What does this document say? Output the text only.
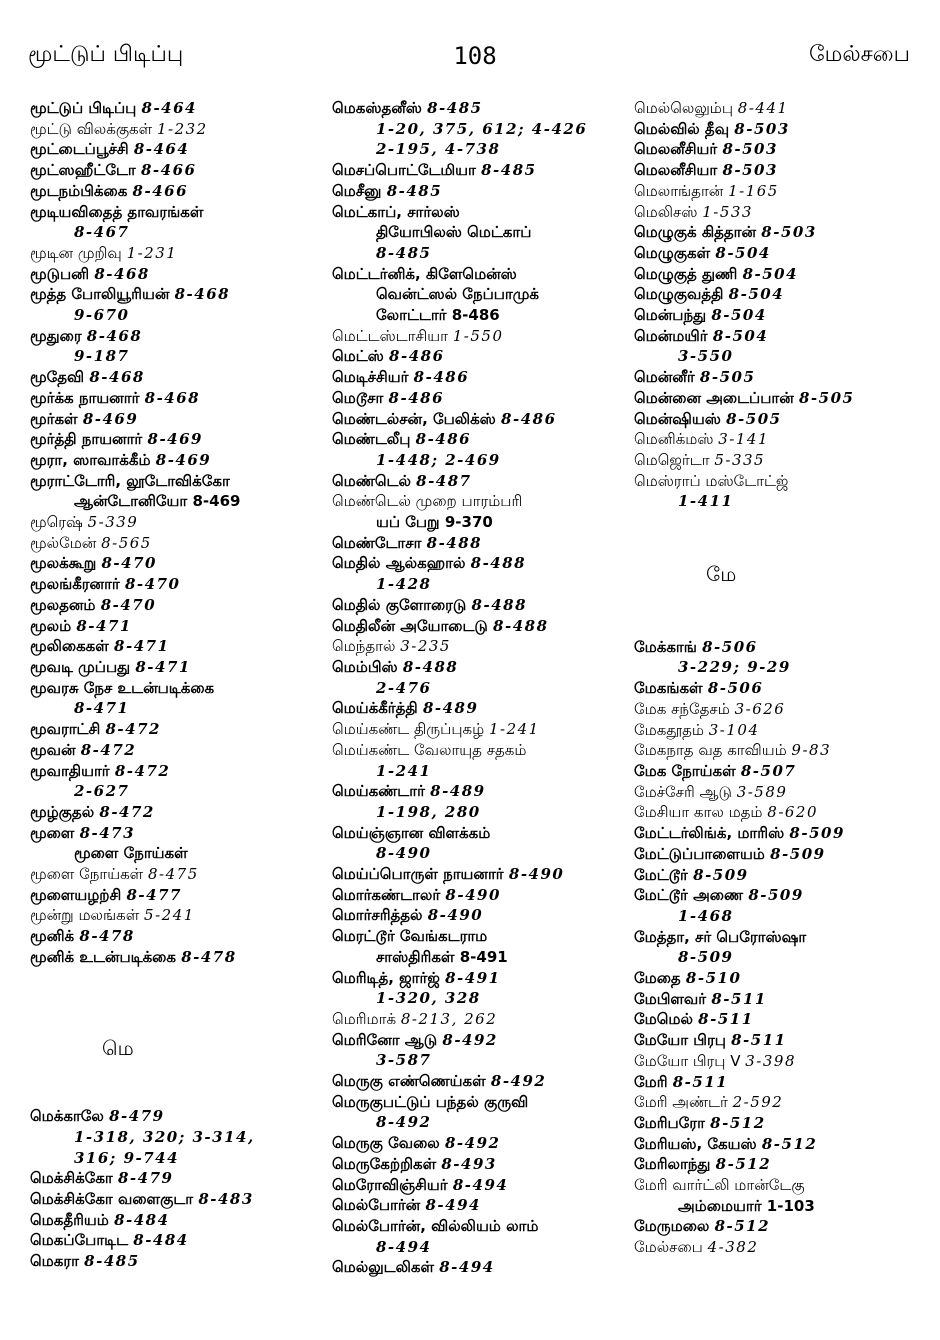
மூட்டுப் பிடிப்பு	108	மேல்சபை
மூட்டுப் பிடிப்பு 8-464
மூட்டு விலக்குகள் 1-232
மூட்டைப்பூச்சி 8-464
மூட்ஸஹீட்டோ 8-466
மூடநம்பிக்கை 8-466
மூடியவிதைத் தாவரங்கள்
8-467
மூடின முறிவு 1-231
மூடுபனி 8-468
மூத்த போலியூரியன் 8-468
9-670
மூதுரை 8-468
9-187
மூதேவி 8-468
மூர்க்க நாயனார் 8-468
மூர்கள் 8-469
மூர்த்தி நாயனார் 8-469
மூரா, ஸாவாக்கீம் 8-469
மூராட்டோரி, லூடோவிக்கோ
ஆன்டோனியோ 8-469
மூரெஷ் 5-339
மூல்மேன் 8-565
மூலக்கூறு 8-470
மூலங்கீரனார் 8-470
மூலதனம் 8-470
மூலம் 8-471
மூலிகைகள் 8-471
மூவடி முப்பது 8-471
மூவரசு நேச உடன்படிக்கை
8-471
மூவராட்சி 8-472
மூவன் 8-472
மூவாதியார் 8-472
2-627
மூழ்குதல் 8-472
மூளை 8-473
மூளை நோய்கள்
மூளை நோய்கள் 8-475
மூளையழற்சி 8-477
மூன்று மலங்கள் 5-241
மூனிக் 8-478
மூனிக் உடன்படிக்கை 8-478
மெ
மெக்காலே 8-479
1-318, 320; 3-314,
316; 9-744
மெக்சிக்கோ 8-479
மெக்சிக்கோ வளைகுடா 8-483
மெகதீரியம் 8-484
மெகப்போடிட 8-484
மெகரா 8-485
மெகஸ்தனீஸ் 8-485
1-20, 375, 612; 4-426
2-195, 4-738
மெசப்பொட்டேமியா 8-485
மெசீனு 8-485
மெட்காப், சார்லஸ்
தியோபிலஸ் மெட்காப்
8-485
மெட்டர்னிக், கிளேமென்ஸ்
வென்ட்ஸல் நேப்பாமுக்
லோட்டார் 8-486
மெட்டஸ்டாசியா 1-550
மெட்ஸ் 8-486
மெடிச்சியர் 8-486
மெடூசா 8-486
மெண்டல்சன், பேலிக்ஸ் 8-486
மெண்டலீபு 8-486
1-448; 2-469
மெண்டெல் 8-487
மெண்டெல் முறை பாரம்பரி
யப் பேறு 9-370
மெண்டோசா 8-488
மெதில் ஆல்கஹால் 8-488
1-428
மெதில் குளோரைடு 8-488
மெதிலீன் அயோடைடு 8-488
மெந்தால் 3-235
மெம்பிஸ் 8-488
2-476
மெய்க்கீர்த்தி 8-489
மெய்கண்ட திருப்புகழ் 1-241
மெய்கண்ட வேலாயுத சதகம்
1-241
மெய்கண்டார் 8-489
1-198, 280
மெய்ஞ்ஞான விளக்கம்
8-490
மெய்ப்பொருள் நாயனார் 8-490
மொர்கண்டாலர் 8-490
மொர்சரித்தல் 8-490
மெரட்டூர் வேங்கடராம
சாஸ்திரிகள் 8-491
மெரிடித், ஜார்ஜ் 8-491
1-320, 328
மெரிமாக் 8-213, 262
மெரினோ ஆடு 8-492
3-587
மெருகு எண்ணெய்கள் 8-492
மெருகுபட்டுப் பந்தல் குருவி
8-492
மெருகு வேலை 8-492
மெருகேற்றிகள் 8-493
மெரோவிஞ்சியர் 8-494
மெல்போர்ன் 8-494
மெல்போர்ன், வில்லியம் லாம்
8-494
மெல்லுடலிகள் 8-494
மெல்லெலும்பு 8-441
மெல்வில் தீவு 8-503
மெலனீசியர் 8-503
மெலனீசியா 8-503
மெலாங்தான் 1-165
மெலிசஸ் 1-533
மெழுகுக் கித்தான் 8-503
மெழுகுகள் 8-504
மெழுகுத் துணி 8-504
மெழுகுவத்தி 8-504
மென்பந்து 8-504
மென்மயிர் 8-504
3-550
மென்னீர் 8-505
மென்னை அடைப்பான் 8-505
மென்ஷியஸ் 8-505
மெனிக்மஸ் 3-141
மெஜெர்டா 5-335
மெஸ்ராப் மஸ்டோட்ஜ்
1-411
மே
மேக்காங் 8-506
3-229; 9-29
மேகங்கள் 8-506
மேக சந்தேசம் 3-626
மேகதூதம் 3-104
மேகநாத வத காவியம் 9-83
மேக நோய்கள் 8-507
மேச்சேரி ஆடு 3-589
மேசியா கால மதம் 8-620
மேட்டர்லிங்க், மாரிஸ் 8-509
மேட்டுப்பாளையம் 8-509
மேட்டூர் 8-509
மேட்டூர் அணை 8-509
1-468
மேத்தா, சர் பெரோஸ்ஷா
8-509
மேதை 8-510
மேபிளவர் 8-511
மேமெல் 8-511
மேயோ பிரபு 8-511
மேயோ பிரபு V 3-398
மேரி 8-511
மேரி அண்டர் 2-592
மேரிபரோ 8-512
மேரியஸ், கேயஸ் 8-512
மேரிலாந்து 8-512
மேரி வார்ட்லி மான்டேகு
அம்மையார் 1-103
மேருமலை 8-512
மேல்சபை 4-382
